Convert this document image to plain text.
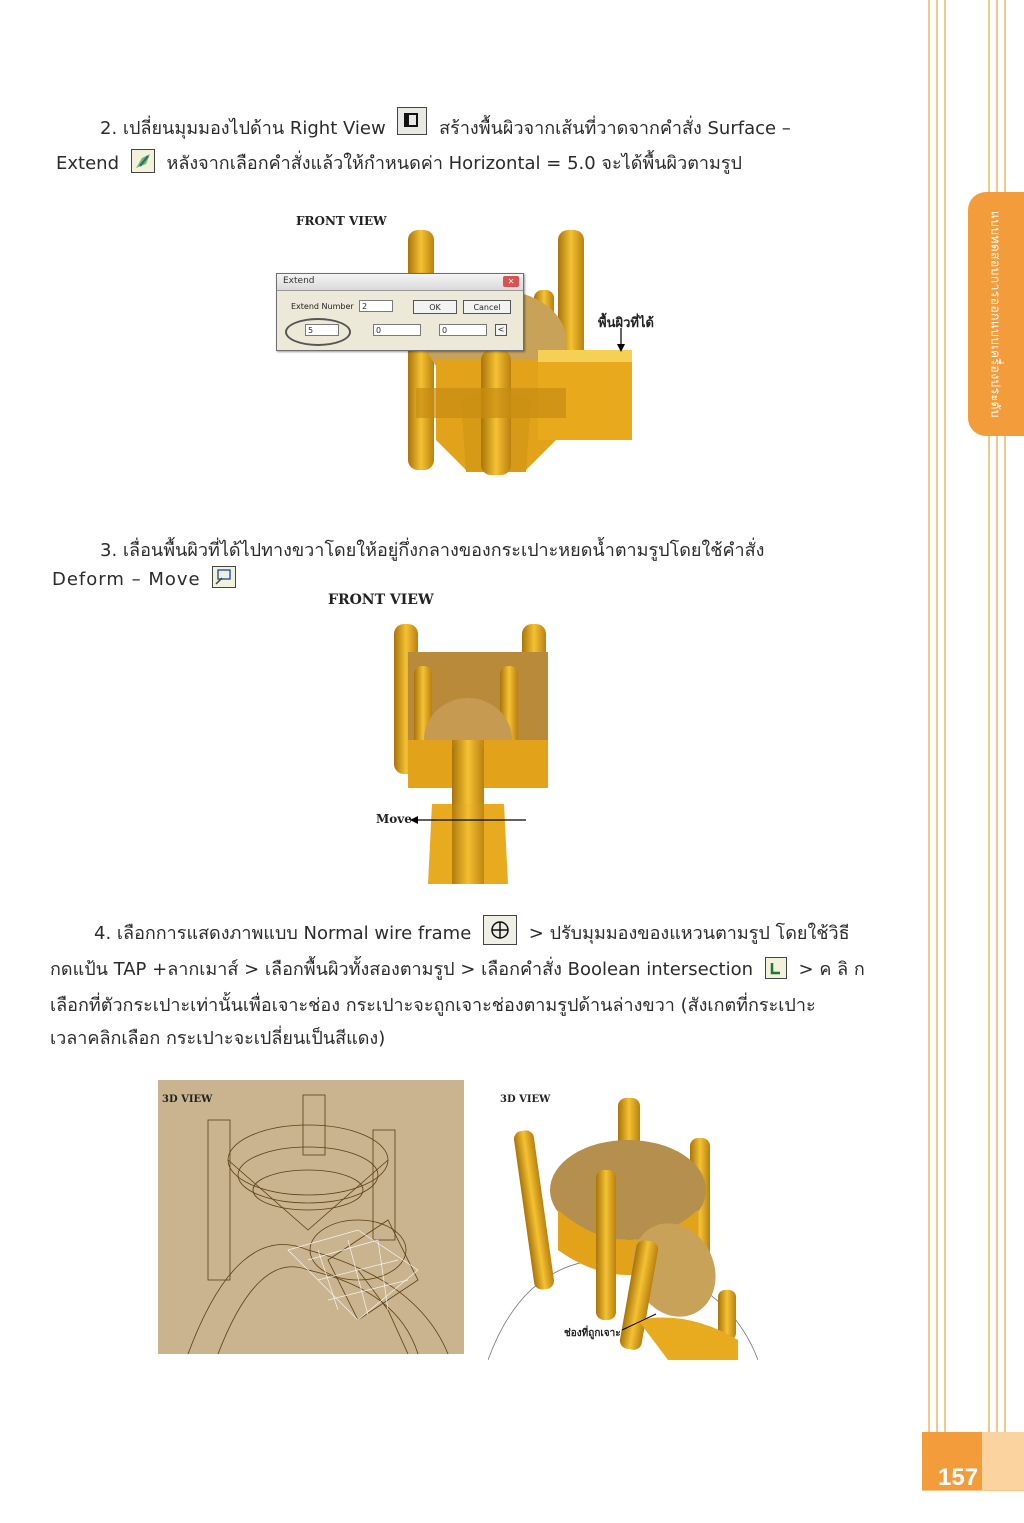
แบบทดสอบการออกแบบเครื่องประดับ
157
2. เปลี่ยนมุมมองไปด้าน Right View	สร้างพื้นผิวจากเส้นที่วาดจากคำสั่ง Surface –
Extend	หลังจากเลือกคำสั่งแล้วให้กำหนดค่า Horizontal = 5.0 จะได้พื้นผิวตามรูป
FRONT VIEW
พื้นผิวที่ได้
Extend	✕
Extend Number	2	OK	Cancel
5	0	0	<
3. เลื่อนพื้นผิวที่ได้ไปทางขวาโดยให้อยู่กึ่งกลางของกระเปาะหยดน้ำตามรูปโดยใช้คำสั่ง
Deform – Move
FRONT VIEW
Move
4. เลือกการแสดงภาพแบบ Normal wire frame	> ปรับมุมมองของแหวนตามรูป โดยใช้วิธี
กดแป้น TAP +ลากเมาส์ > เลือกพื้นผิวทั้งสองตามรูป > เลือกคำสั่ง Boolean intersection	> ค ลิ ก
เลือกที่ตัวกระเปาะเท่านั้นเพื่อเจาะช่อง กระเปาะจะถูกเจาะช่องตามรูปด้านล่างขวา (สังเกตที่กระเปาะ
เวลาคลิกเลือก กระเปาะจะเปลี่ยนเป็นสีแดง)
3D VIEW	3D VIEW
ช่องที่ถูกเจาะ
